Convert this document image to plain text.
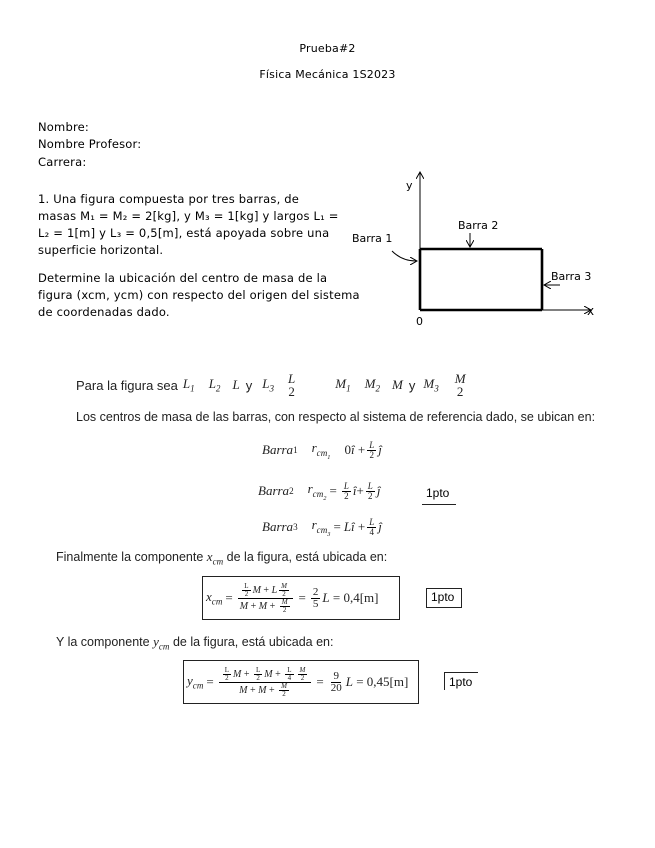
Prueba#2
Física Mecánica 1S2023
Nombre:
Nombre Profesor:
Carrera:
1. Una figura compuesta por tres barras, de
masas M₁ = M₂ = 2[kg], y M₃ = 1[kg] y largos L₁ =
L₂ = 1[m] y L₃ = 0,5[m], está apoyada sobre una
superficie horizontal.
Determine la ubicación del centro de masa de la
figura (xcm, ycm) con respecto del origen del sistema
de coordenadas dado.
y
x
0
Barra 1
Barra 2
Barra 3
Para la figura sea $L_1$ $L_2$ L y $L_3$
L
2
$M_1$ $M_2$ M y $M_3$
M
2
Los centros de masa de las barras, con respecto al sistema de referencia dado, se ubican en:
Barra 1 $r_{cm_1}$ 0î + $\frac{L}{2}$ ĵ
Barra 2 $r_{cm_2} = \frac{L}{2}$ î + $\frac{L}{2}$ ĵ	1pto
Barra 3 $r_{cm_3} = L$ î + $\frac{L}{4}$ ĵ
Finalmente la componente $x_{cm}$ de la figura, está ubicada en:
$x_{cm} = \frac{\frac{L}{2} M + L \frac{M}{2}}{M + M + \frac{M}{2}} = \frac{2}{5}$ L
= 0,4[m]	1pto
Y la componente $y_{cm}$ de la figura, está ubicada en:
$y_{cm} = \frac{\frac{L}{2} M + \frac{L}{2} M + \frac{L}{4} \frac{M}{2}}{M + M + \frac{M}{2}} = \frac{9}{20}$ L
= 0,45[m]	1pto
